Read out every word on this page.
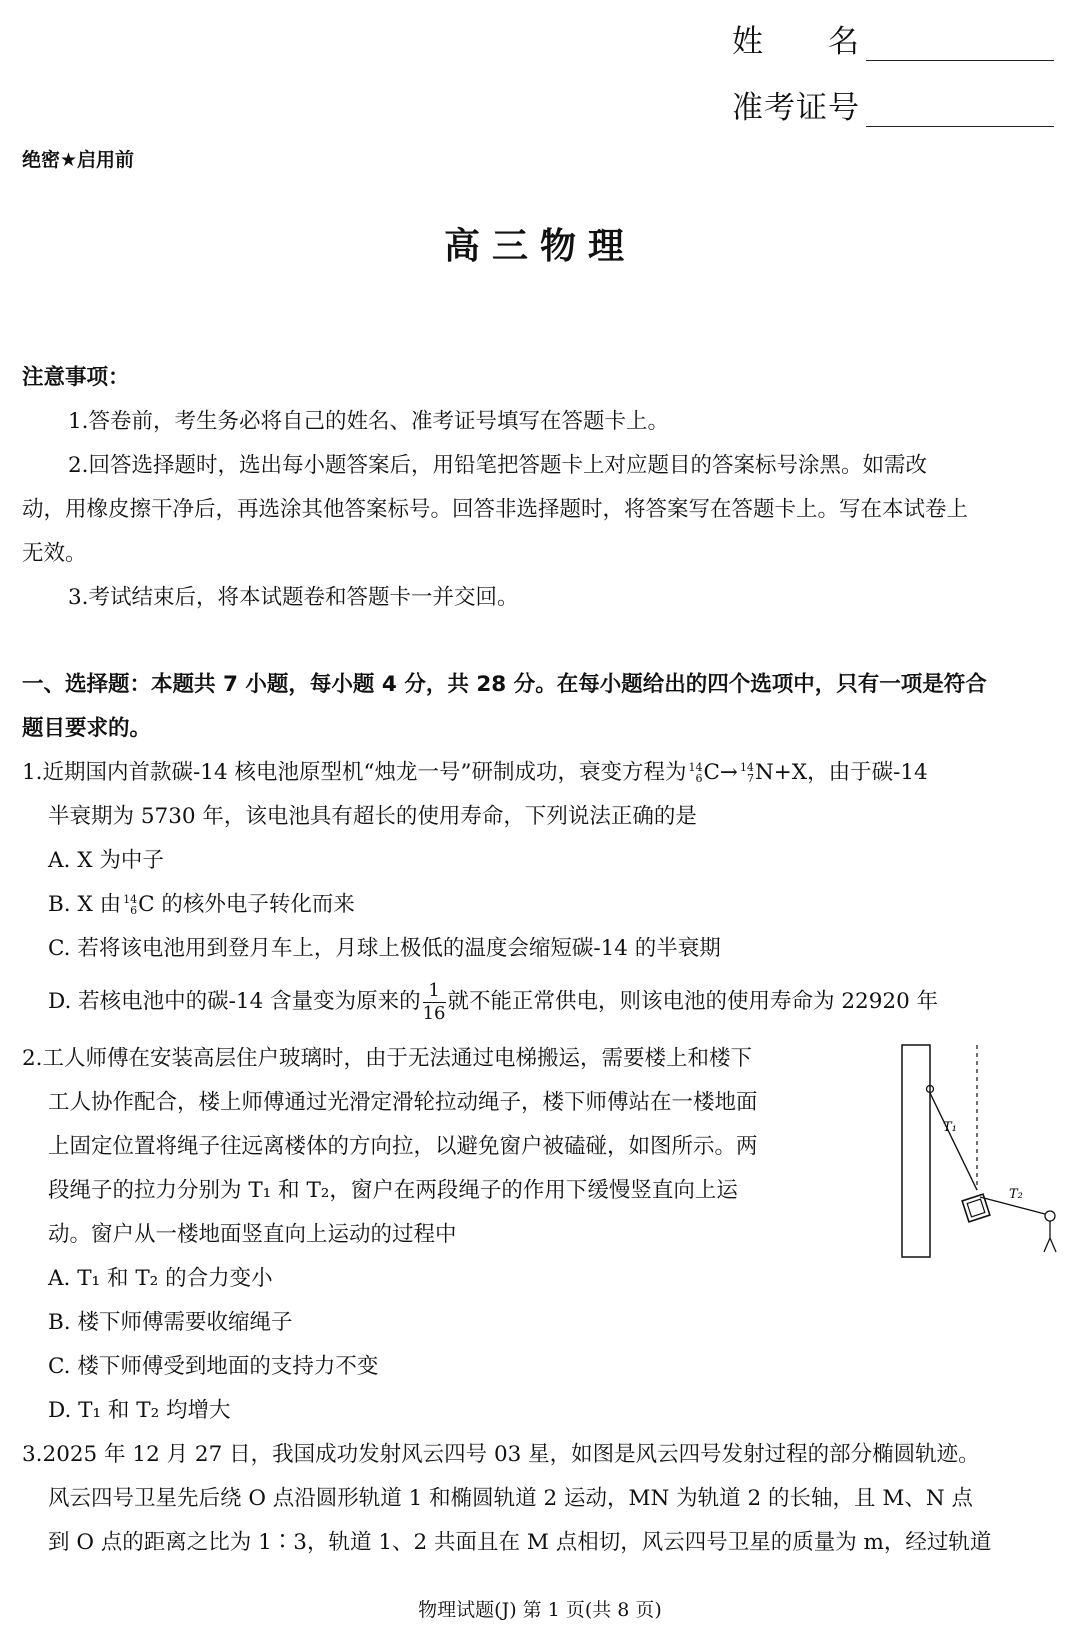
姓　　名
准考证号
绝密★启用前
高三物理
注意事项：
1.答卷前，考生务必将自己的姓名、准考证号填写在答题卡上。
2.回答选择题时，选出每小题答案后，用铅笔把答题卡上对应题目的答案标号涂黑。如需改
动，用橡皮擦干净后，再选涂其他答案标号。回答非选择题时，将答案写在答题卡上。写在本试卷上
无效。
3.考试结束后，将本试题卷和答题卡一并交回。
一、选择题：本题共 7 小题，每小题 4 分，共 28 分。在每小题给出的四个选项中，只有一项是符合
题目要求的。
1.近期国内首款碳-14 核电池原型机“烛龙一号”研制成功，衰变方程为 14
6 C→ 14
7 N+X，由于碳-14
半衰期为 5730 年，该电池具有超长的使用寿命，下列说法正确的是
A. X 为中子
B. X 由 14
6 C 的核外电子转化而来
C. 若将该电池用到登月车上，月球上极低的温度会缩短碳-14 的半衰期
D. 若核电池中的碳-14 含量变为原来的 $\frac{1}{16}$ 就不能正常供电，则该电池的使用寿命为 22920 年
2.工人师傅在安装高层住户玻璃时，由于无法通过电梯搬运，需要楼上和楼下
工人协作配合，楼上师傅通过光滑定滑轮拉动绳子，楼下师傅站在一楼地面
上固定位置将绳子往远离楼体的方向拉，以避免窗户被磕碰，如图所示。两
段绳子的拉力分别为 T₁ 和 T₂，窗户在两段绳子的作用下缓慢竖直向上运
动。窗户从一楼地面竖直向上运动的过程中
A. T₁ 和 T₂ 的合力变小
B. 楼下师傅需要收缩绳子
C. 楼下师傅受到地面的支持力不变
D. T₁ 和 T₂ 均增大
T₁
T₂
3.2025 年 12 月 27 日，我国成功发射风云四号 03 星，如图是风云四号发射过程的部分椭圆轨迹。
风云四号卫星先后绕 O 点沿圆形轨道 1 和椭圆轨道 2 运动，MN 为轨道 2 的长轴，且 M、N 点
到 O 点的距离之比为 1∶3，轨道 1、2 共面且在 M 点相切，风云四号卫星的质量为 m，经过轨道
物理试题(J) 第 1 页(共 8 页)
